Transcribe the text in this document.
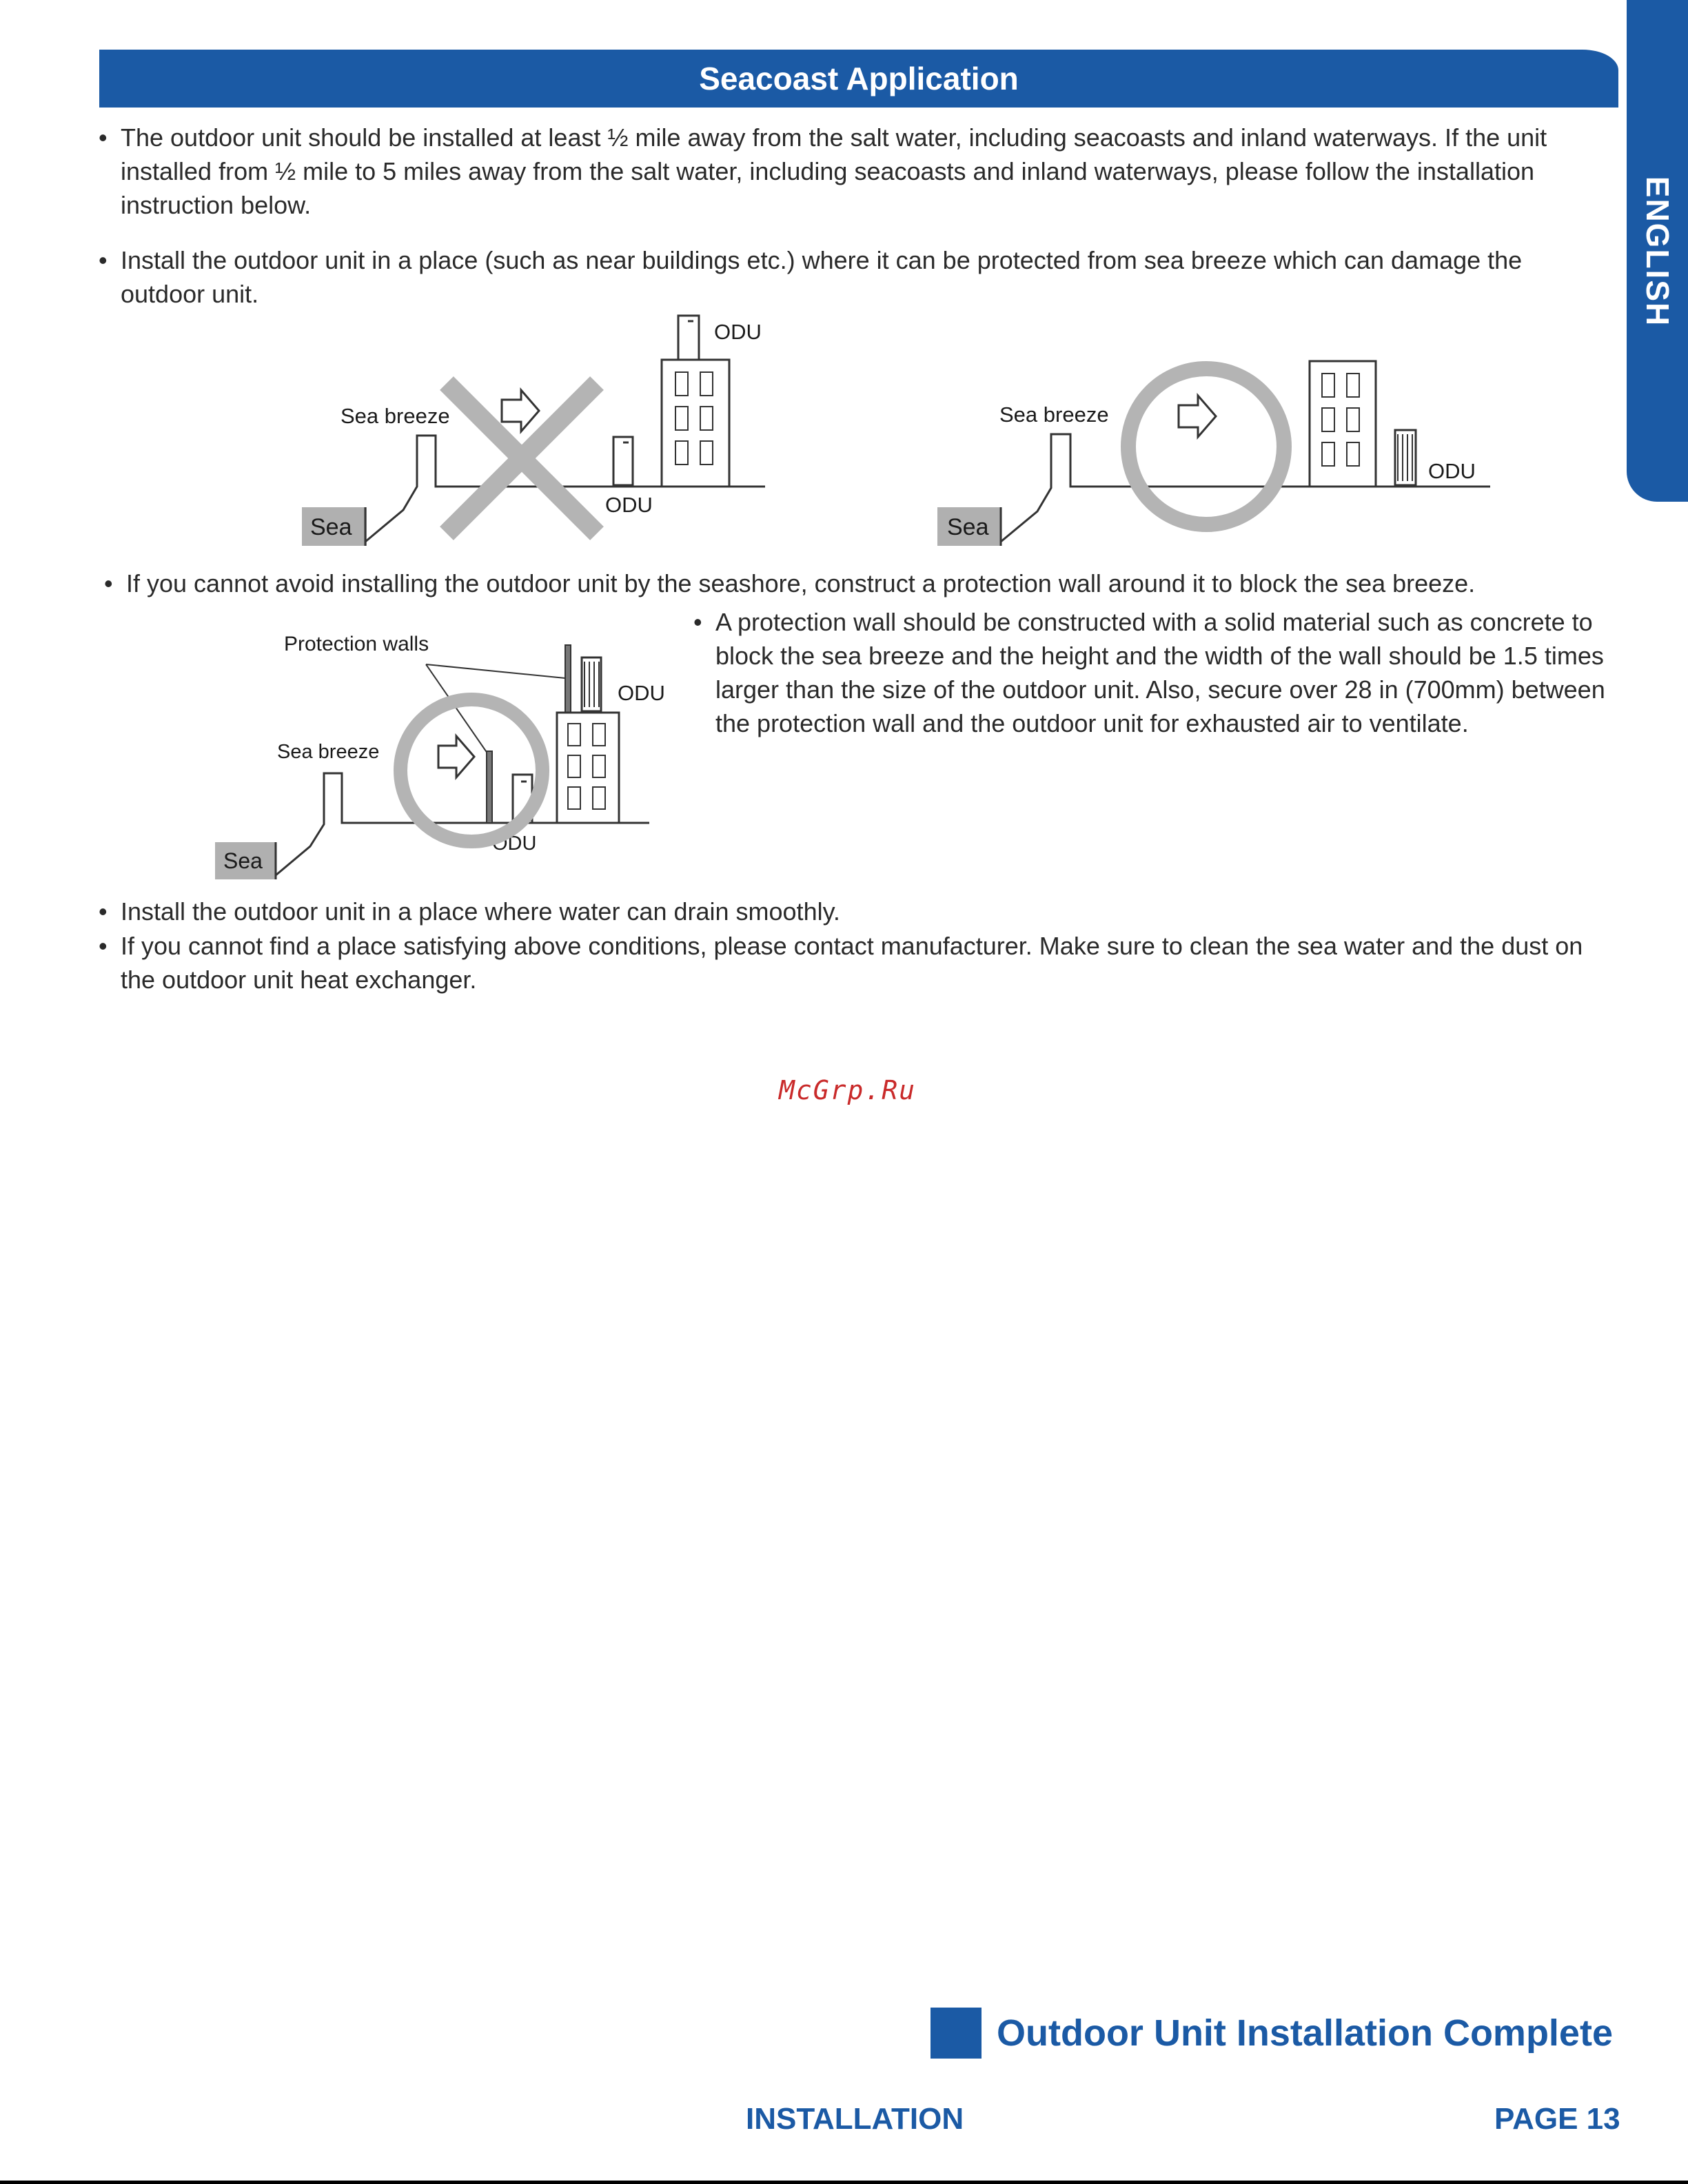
Seacoast Application
ENGLISH
• The outdoor unit should be installed at least ½ mile away from the salt water, including seacoasts and inland waterways. If the unit installed from ½ mile to 5 miles away from the salt water, including seacoasts and inland waterways, please follow the installation instruction below.
• Install the outdoor unit in a place (such as near buildings etc.) where it can be protected from sea breeze which can damage the outdoor unit.
Sea
Sea breeze
ODU
ODU
Sea
Sea breeze
ODU
• If you cannot avoid installing the outdoor unit by the seashore, construct a protection wall around it to block the sea breeze.
Protection walls
ODU
Sea
Sea breeze
ODU
• A protection wall should be constructed with a solid material such as concrete to block the sea breeze and the height and the width of the wall should be 1.5 times larger than the size of the outdoor unit. Also, secure over 28 in (700mm) between the protection wall and the outdoor unit for exhausted air to ventilate.
• Install the outdoor unit in a place where water can drain smoothly.
• If you cannot find a place satisfying above conditions, please contact manufacturer. Make sure to clean the sea water and the dust on the outdoor unit heat exchanger.
McGrp.Ru
Outdoor Unit Installation Complete
INSTALLATION	PAGE 13
